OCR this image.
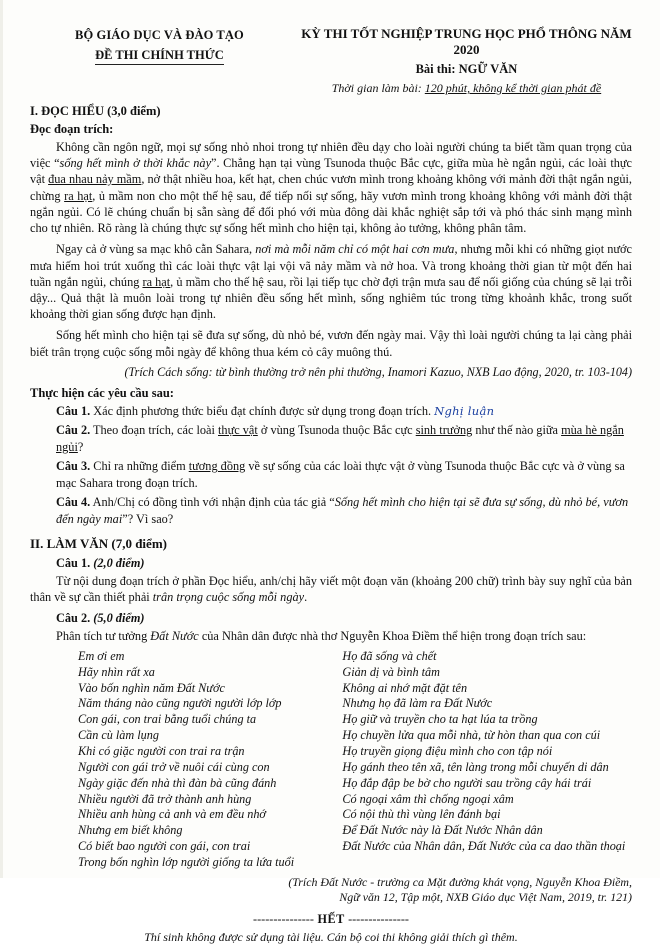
BỘ GIÁO DỤC VÀ ĐÀO TẠO
ĐỀ THI CHÍNH THỨC
KỲ THI TỐT NGHIỆP TRUNG HỌC PHỔ THÔNG NĂM 2020
Bài thi: NGỮ VĂN
Thời gian làm bài: 120 phút, không kể thời gian phát đề
I. ĐỌC HIỂU (3,0 điểm)
Đọc đoạn trích:

Không cần ngôn ngữ, mọi sự sống nhỏ nhoi trong tự nhiên đều dạy cho loài người chúng ta biết tầm quan trọng của việc “sống hết mình ở thời khắc này”. Chẳng hạn tại vùng Tsunoda thuộc Bắc cực, giữa mùa hè ngắn ngủi, các loài thực vật đua nhau nảy mầm, nở thật nhiều hoa, kết hạt, chen chúc vươn mình trong khoảng không với mảnh đời thật ngắn ngủi, chừng ra hạt, ủ mầm non cho một thế hệ sau, để tiếp nối sự sống, hãy vươn mình trong khoảng không với mảnh đời thật ngắn ngủi. Có lẽ chúng chuẩn bị sẵn sàng để đối phó với mùa đông dài khắc nghiệt sắp tới và phó thác sinh mạng mình cho tự nhiên. Rõ ràng là chúng thực sự sống hết mình cho hiện tại, không ảo tưởng, không phân tâm.

Ngay cả ở vùng sa mạc khô cằn Sahara, nơi mà mỗi năm chỉ có một hai cơn mưa, nhưng mỗi khi có những giọt nước mưa hiếm hoi trút xuống thì các loài thực vật lại vội vã nảy mầm và nở hoa. Và trong khoảng thời gian từ một đến hai tuần ngắn ngủi, chúng ra hạt, ủ mầm cho thế hệ sau, rồi lại tiếp tục chờ đợi trận mưa sau để nối giống của chúng sẽ lại trỗi dậy... Quả thật là muôn loài trong tự nhiên đều sống hết mình, sống nghiêm túc trong từng khoảnh khắc, trong suốt khoảng thời gian sống được hạn định.

Sống hết mình cho hiện tại sẽ đưa sự sống, dù nhỏ bé, vươn đến ngày mai. Vậy thì loài người chúng ta lại càng phải biết trân trọng cuộc sống mỗi ngày để không thua kém cỏ cây muông thú.

(Trích Cách sống: từ bình thường trở nên phi thường, Inamori Kazuo, NXB Lao động, 2020, tr. 103-104)
Thực hiện các yêu cầu sau:

Câu 1. Xác định phương thức biểu đạt chính được sử dụng trong đoạn trích. Nghị luận

Câu 2. Theo đoạn trích, các loài thực vật ở vùng Tsunoda thuộc Bắc cực sinh trưởng như thế nào giữa mùa hè ngắn ngủi?

Câu 3. Chỉ ra những điểm tương đồng về sự sống của các loài thực vật ở vùng Tsunoda thuộc Bắc cực và ở vùng sa mạc Sahara trong đoạn trích.

Câu 4. Anh/Chị có đồng tình với nhận định của tác giả “Sống hết mình cho hiện tại sẽ đưa sự sống, dù nhỏ bé, vươn đến ngày mai”? Vì sao?

II. LÀM VĂN (7,0 điểm)
Câu 1. (2,0 điểm)

Từ nội dung đoạn trích ở phần Đọc hiểu, anh/chị hãy viết một đoạn văn (khoảng 200 chữ) trình bày suy nghĩ của bản thân về sự cần thiết phải trân trọng cuộc sống mỗi ngày.

Câu 2. (5,0 điểm)

Phân tích tư tưởng Đất Nước của Nhân dân được nhà thơ Nguyễn Khoa Điềm thể hiện trong đoạn trích sau:

Em ơi em
Hãy nhìn rất xa
Vào bốn nghìn năm Đất Nước
Năm tháng nào cũng người người lớp lớp
Con gái, con trai bằng tuổi chúng ta
Cần cù làm lụng
Khi có giặc người con trai ra trận
Người con gái trở về nuôi cái cùng con
Ngày giặc đến nhà thì đàn bà cũng đánh
Nhiều người đã trở thành anh hùng
Nhiều anh hùng cả anh và em đều nhớ
Nhưng em biết không
Có biết bao người con gái, con trai
Trong bốn nghìn lớp người giống ta lứa tuổi
Họ đã sống và chết
Giản dị và bình tâm
Không ai nhớ mặt đặt tên
Nhưng họ đã làm ra Đất Nước
Họ giữ và truyền cho ta hạt lúa ta trồng
Họ chuyền lửa qua mỗi nhà, từ hòn than qua con cúi
Họ truyền giọng điệu mình cho con tập nói
Họ gánh theo tên xã, tên làng trong mỗi chuyến di dân
Họ đắp đập be bờ cho người sau trồng cây hái trái
Có ngoại xâm thì chống ngoại xâm
Có nội thù thì vùng lên đánh bại
Để Đất Nước này là Đất Nước Nhân dân
Đất Nước của Nhân dân, Đất Nước của ca dao thần thoại
(Trích Đất Nước - trường ca Mặt đường khát vọng, Nguyễn Khoa Điềm,
Ngữ văn 12, Tập một, NXB Giáo dục Việt Nam, 2019, tr. 121)
--------------- HẾT ---------------
Thí sinh không được sử dụng tài liệu. Cán bộ coi thi không giải thích gì thêm.
